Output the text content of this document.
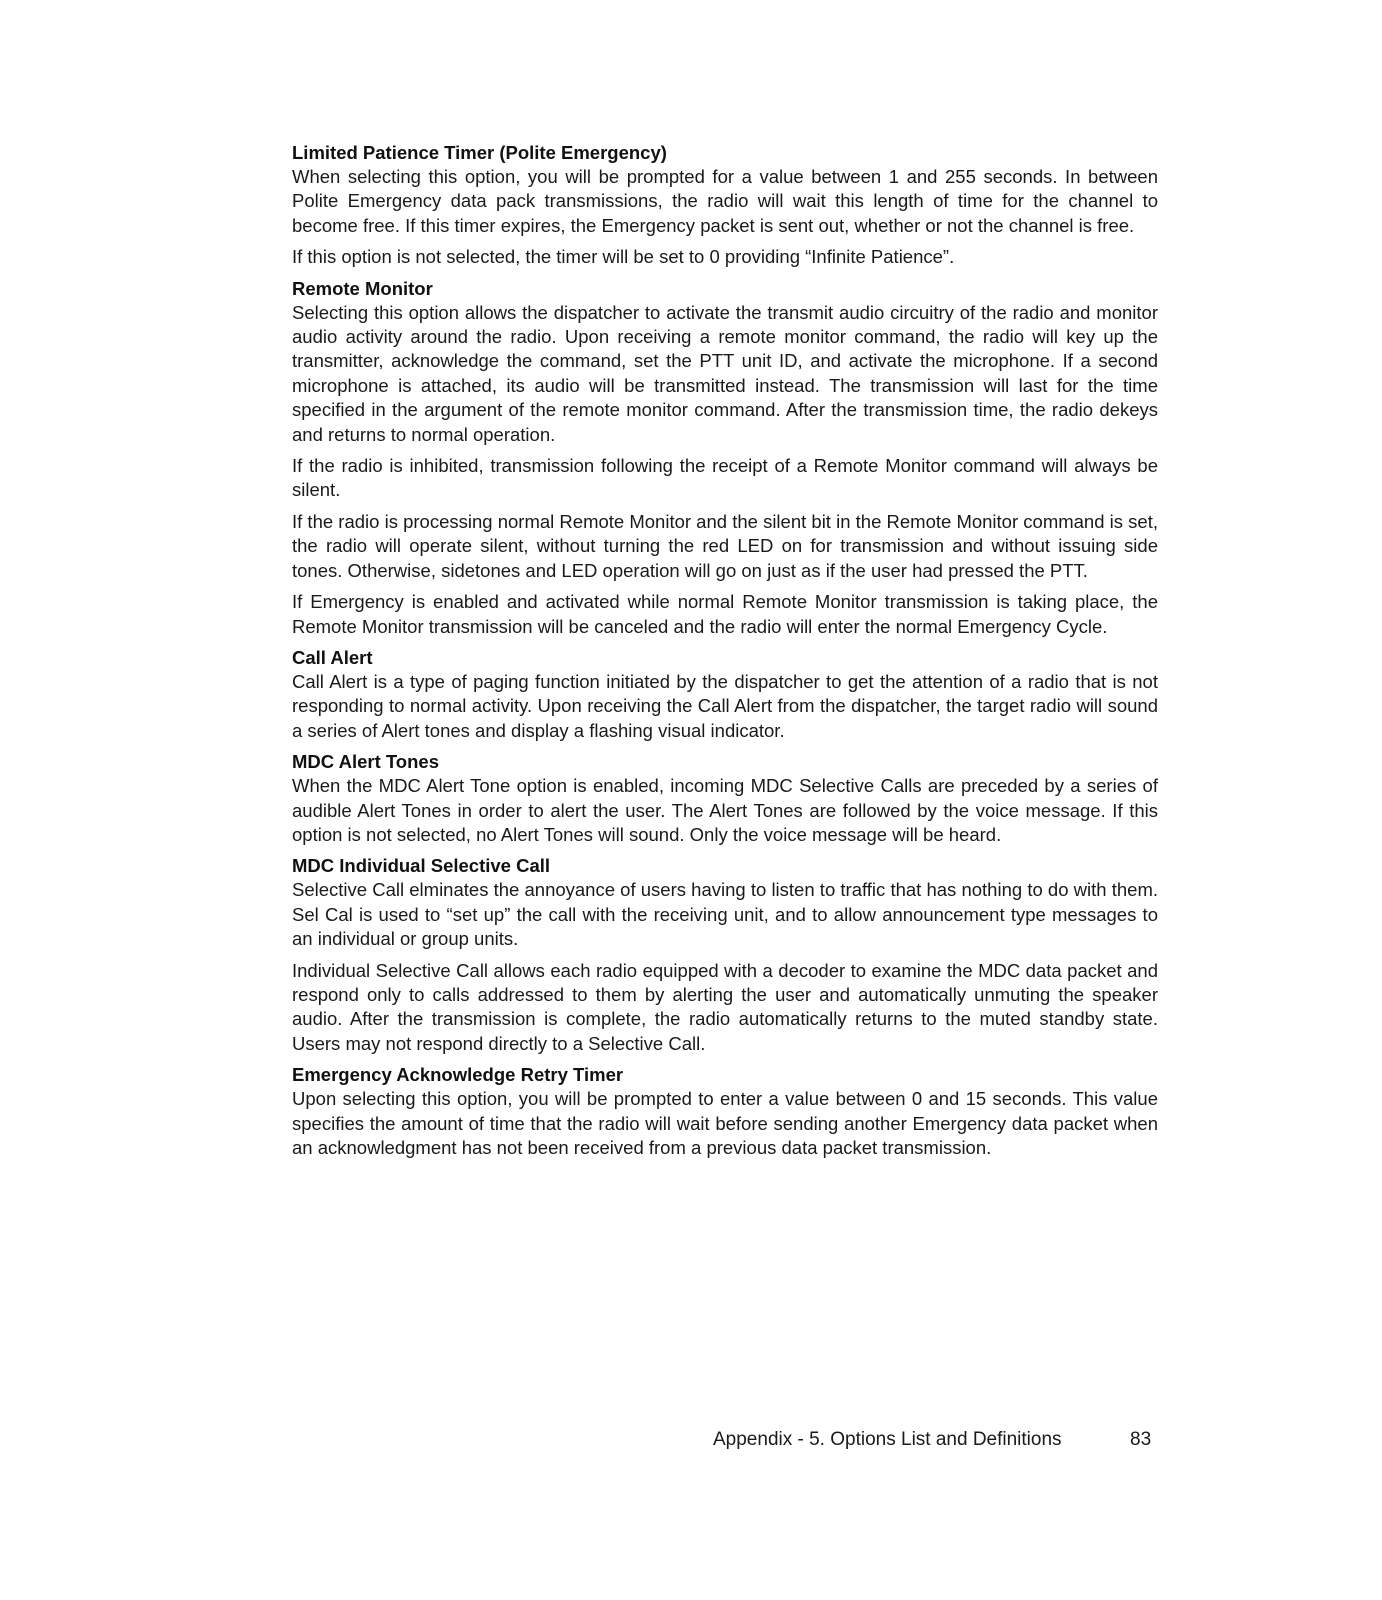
Limited Patience Timer (Polite Emergency)

When selecting this option, you will be prompted for a value between 1 and 255 seconds. In between Polite Emergency data pack transmissions, the radio will wait this length of time for the channel to become free. If this timer expires, the Emergency packet is sent out, whether or not the channel is free.

If this option is not selected, the timer will be set to 0 providing “Infinite Patience”.

Remote Monitor

Selecting this option allows the dispatcher to activate the transmit audio circuitry of the radio and monitor audio activity around the radio. Upon receiving a remote monitor command, the radio will key up the transmitter, acknowledge the command, set the PTT unit ID, and activate the microphone. If a second microphone is attached, its audio will be transmitted instead. The transmission will last for the time specified in the argument of the remote monitor command. After the transmission time, the radio dekeys and returns to normal operation.

If the radio is inhibited, transmission following the receipt of a Remote Monitor command will always be silent.

If the radio is processing normal Remote Monitor and the silent bit in the Remote Monitor command is set, the radio will operate silent, without turning the red LED on for transmission and without issuing side tones. Otherwise, sidetones and LED operation will go on just as if the user had pressed the PTT.

If Emergency is enabled and activated while normal Remote Monitor transmission is taking place, the Remote Monitor transmission will be canceled and the radio will enter the normal Emergency Cycle.

Call Alert

Call Alert is a type of paging function initiated by the dispatcher to get the attention of a radio that is not responding to normal activity. Upon receiving the Call Alert from the dispatcher, the target radio will sound a series of Alert tones and display a flashing visual indicator.

MDC Alert Tones

When the MDC Alert Tone option is enabled, incoming MDC Selective Calls are preceded by a series of audible Alert Tones in order to alert the user. The Alert Tones are followed by the voice message. If this option is not selected, no Alert Tones will sound. Only the voice message will be heard.

MDC Individual Selective Call

Selective Call elminates the annoyance of users having to listen to traffic that has nothing to do with them. Sel Cal is used to “set up” the call with the receiving unit, and to allow announcement type messages to an individual or group units.

Individual Selective Call allows each radio equipped with a decoder to examine the MDC data packet and respond only to calls addressed to them by alerting the user and automatically unmuting the speaker audio. After the transmission is complete, the radio automatically returns to the muted standby state. Users may not respond directly to a Selective Call.

Emergency Acknowledge Retry Timer

Upon selecting this option, you will be prompted to enter a value between 0 and 15 seconds. This value specifies the amount of time that the radio will wait before sending another Emergency data packet when an acknowledgment has not been received from a previous data packet transmission.

Appendix - 5. Options List and Definitions	83
